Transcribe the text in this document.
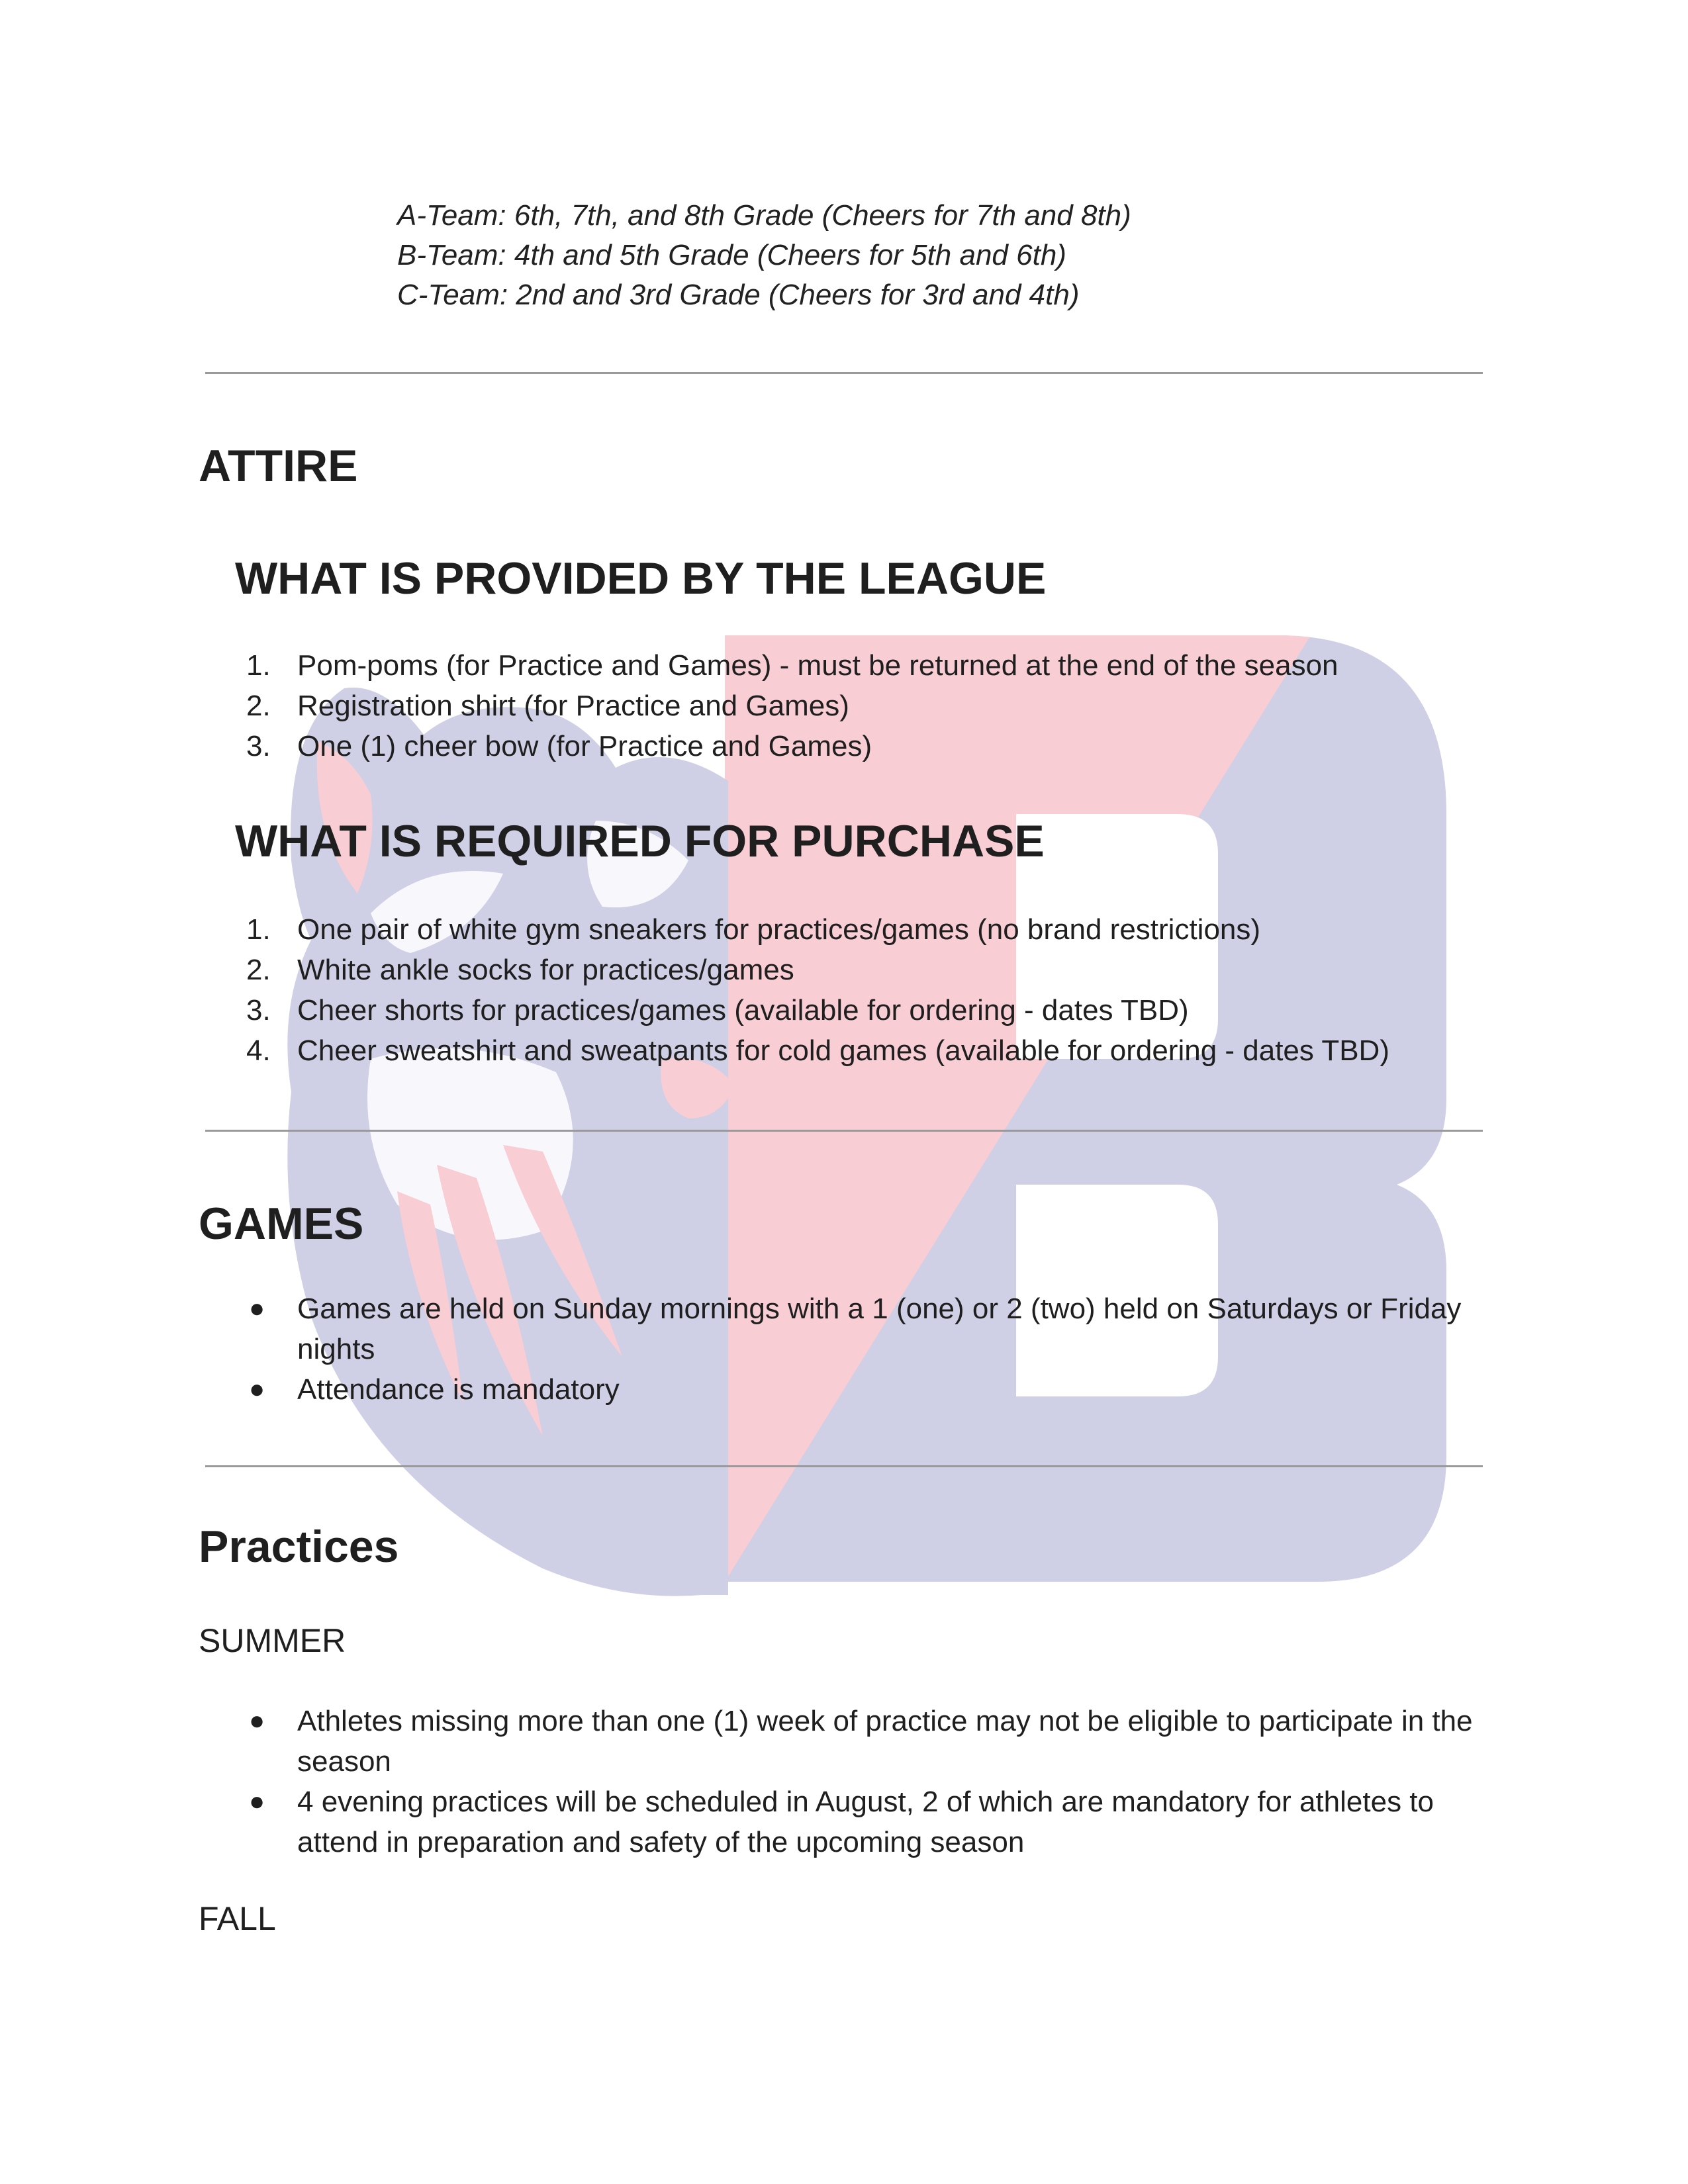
A-Team: 6th, 7th, and 8th Grade (Cheers for 7th and 8th)

B-Team: 4th and 5th Grade (Cheers for 5th and 6th)

C-Team: 2nd and 3rd Grade (Cheers for 3rd and 4th)

ATTIRE
WHAT IS PROVIDED BY THE LEAGUE
1. Pom-poms (for Practice and Games) - must be returned at the end of the season
2. Registration shirt (for Practice and Games)
3. One (1) cheer bow (for Practice and Games)
WHAT IS REQUIRED FOR PURCHASE
1. One pair of white gym sneakers for practices/games (no brand restrictions)
2. White ankle socks for practices/games
3. Cheer shorts for practices/games (available for ordering - dates TBD)
4. Cheer sweatshirt and sweatpants for cold games (available for ordering - dates TBD)
GAMES
● Games are held on Sunday mornings with a 1 (one) or 2 (two) held on Saturdays or Friday nights
● Attendance is mandatory
Practices

SUMMER

● Athletes missing more than one (1) week of practice may not be eligible to participate in the season
● 4 evening practices will be scheduled in August, 2 of which are mandatory for athletes to attend in preparation and safety of the upcoming season

FALL
